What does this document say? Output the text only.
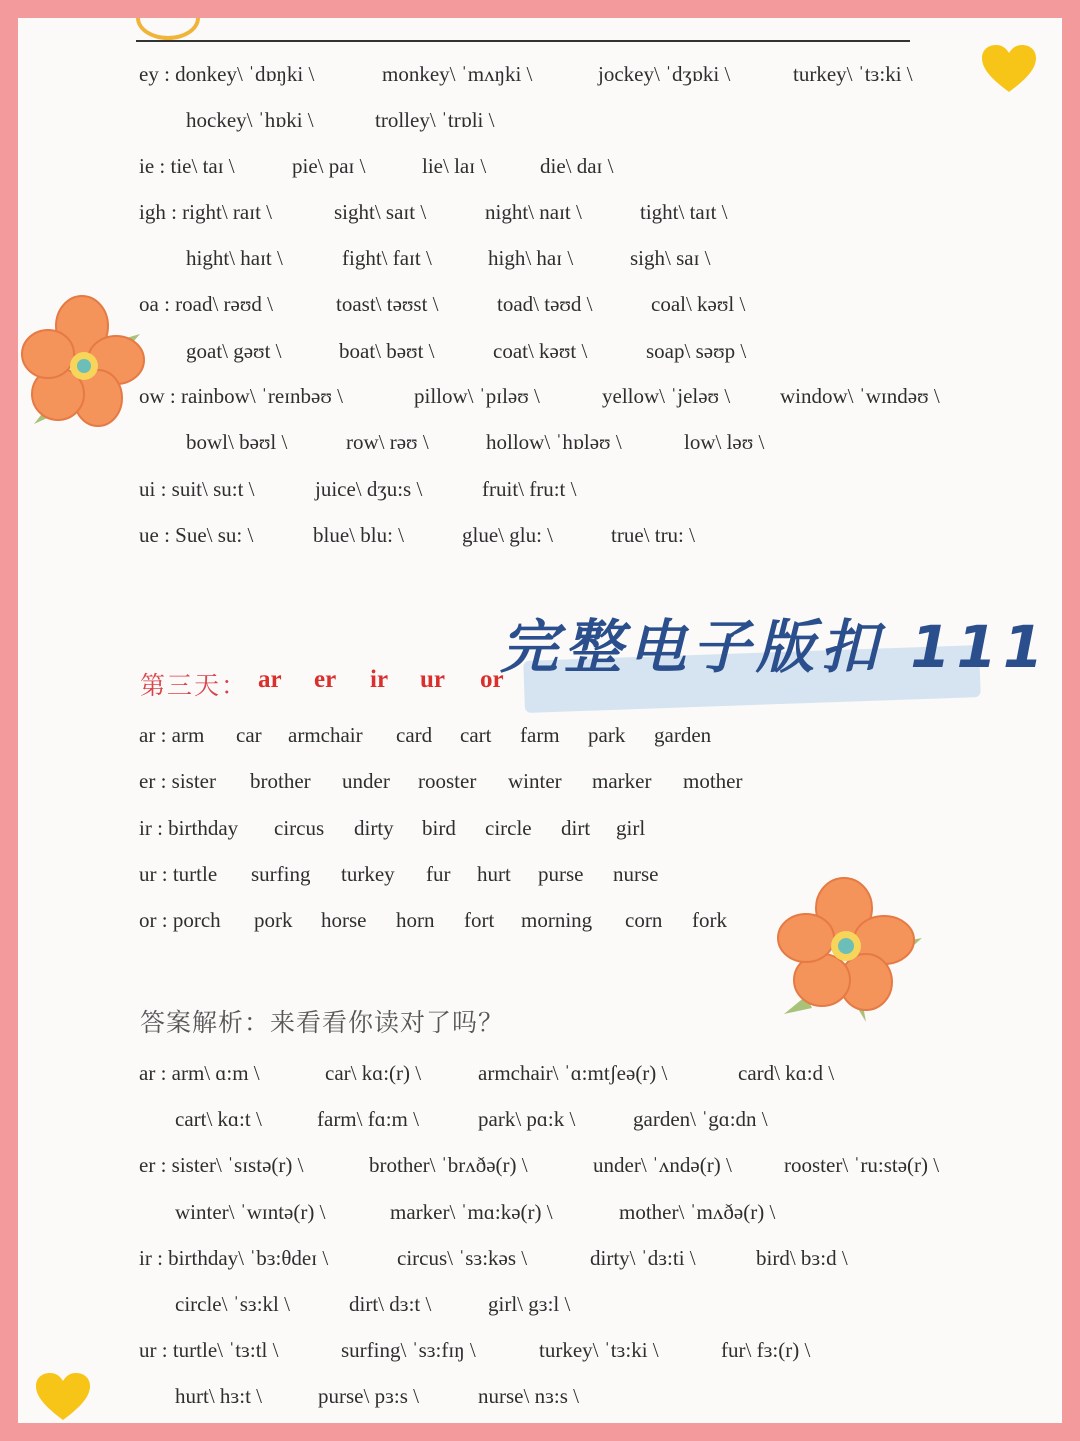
ey : donkey\ ˈdɒŋki \	monkey\ ˈmʌŋki \	jockey\ ˈdʒɒki \	turkey\ ˈtɜ:ki \
hockey\ ˈhɒki \	trolley\ ˈtrɒli \
ie : tie\ taɪ \	pie\ paɪ \	lie\ laɪ \	die\ daɪ \
igh : right\ raɪt \	sight\ saɪt \	night\ naɪt \	tight\ taɪt \
hight\ haɪt \	fight\ faɪt \	high\ haɪ \	sigh\ saɪ \
oa : road\ rəʊd \	toast\ təʊst \	toad\ təʊd \	coal\ kəʊl \
goat\ gəʊt \	boat\ bəʊt \	coat\ kəʊt \	soap\ səʊp \
ow : rainbow\ ˈreɪnbəʊ \	pillow\ ˈpɪləʊ \	yellow\ ˈjeləʊ \ window\ ˈwɪndəʊ \
bowl\ bəʊl \	row\ rəʊ \	hollow\ ˈhɒləʊ \	low\ ləʊ \
ui : suit\ su:t \	juice\ dʒu:s \	fruit\ fru:t \
ue : Sue\ su: \	blue\ blu: \	glue\ glu: \	true\ tru: \
完整电子版扣 111
第三天： ar er ir ur or
ar : arm car armchair card cart farm park garden
er : sister brother under rooster winter marker mother
ir : birthday circus dirty bird circle dirt girl
ur : turtle surfing turkey fur hurt purse nurse
or : porch pork horse horn fort morning corn fork
答案解析：来看看你读对了吗？
ar : arm\ ɑ:m \	car\ kɑ:(r) \	armchair\ ˈɑ:mtʃeə(r) \	card\ kɑ:d \
cart\ kɑ:t \	farm\ fɑ:m \	park\ pɑ:k \	garden\ ˈgɑ:dn \
er : sister\ ˈsɪstə(r) \	brother\ ˈbrʌðə(r) \	under\ ˈʌndə(r) \ rooster\ ˈru:stə(r) \
winter\ ˈwɪntə(r) \	marker\ ˈmɑ:kə(r) \	mother\ ˈmʌðə(r) \
ir : birthday\ ˈbɜ:θdeɪ \	circus\ ˈsɜ:kəs \	dirty\ ˈdɜ:ti \	bird\ bɜ:d \
circle\ ˈsɜ:kl \	dirt\ dɜ:t \	girl\ gɜ:l \
ur : turtle\ ˈtɜ:tl \	surfing\ ˈsɜ:fɪŋ \	turkey\ ˈtɜ:ki \	fur\ fɜ:(r) \
hurt\ hɜ:t \	purse\ pɜ:s \	nurse\ nɜ:s \
